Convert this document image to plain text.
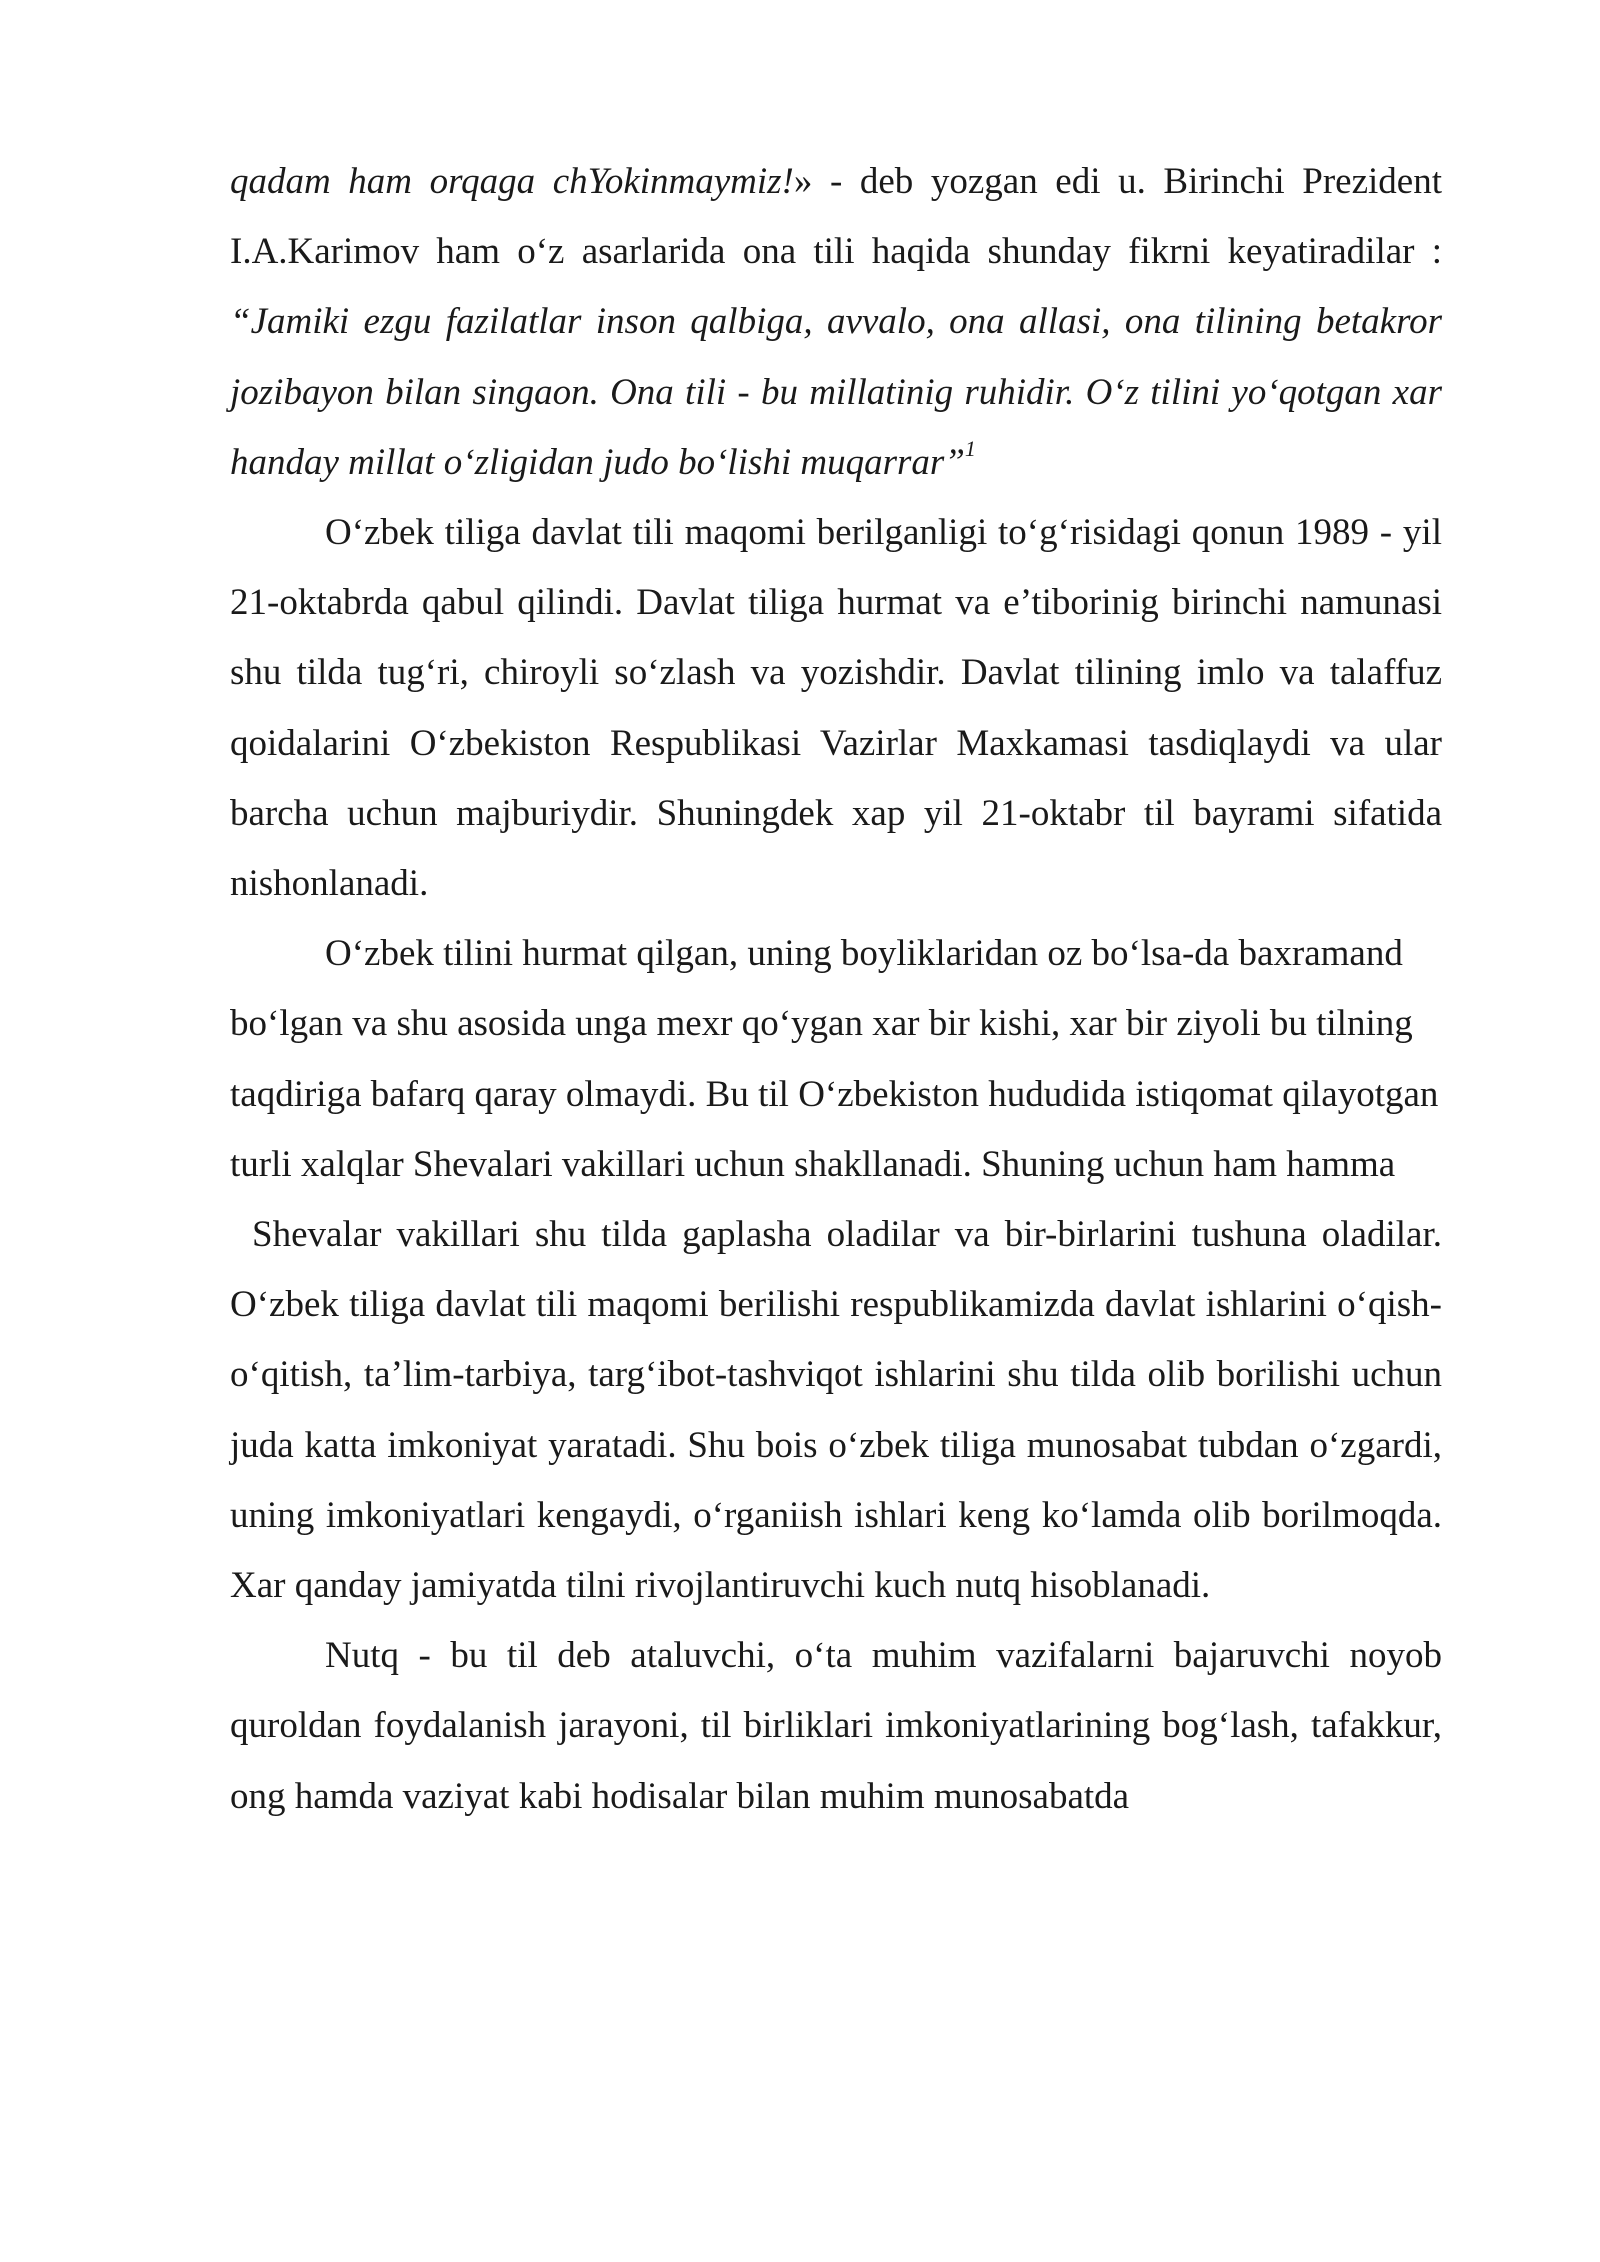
qadam ham orqaga chYokinmaymiz!» - deb yozgan edi u. Birinchi Prezident I.A.Karimov ham o‘z asarlarida ona tili haqida shunday fikrni keyatiradilar : “Jamiki ezgu fazilatlar inson qalbiga, avvalo, ona allasi, ona tilining betakror jozibayon bilan singaon. Ona tili - bu millatinig ruhidir. O‘z tilini yo‘qotgan xar handay millat o‘zligidan judo bo‘lishi muqarrar”$^1$

O‘zbek tiliga davlat tili maqomi berilganligi to‘g‘risidagi qonun 1989 - yil 21-oktabrda qabul qilindi. Davlat tiliga hurmat va e’tiborinig birinchi namunasi shu tilda tug‘ri, chiroyli so‘zlash va yozishdir. Davlat tilining imlo va talaffuz qoidalarini O‘zbekiston Respublikasi Vazirlar Maxkamasi tasdiqlaydi va ular barcha uchun majburiydir. Shuningdek xap yil 21-oktabr til bayrami sifatida nishonlanadi.

O‘zbek tilini hurmat qilgan, uning boyliklaridan oz bo‘lsa-da baxramand bo‘lgan va shu asosida unga mexr qo‘ygan xar bir kishi, xar bir ziyoli bu tilning taqdiriga bafarq qaray olmaydi. Bu til O‘zbekiston hududida istiqomat qilayotgan turli xalqlar Shevalari vakillari uchun shakllanadi. Shuning uchun ham hamma

Shevalar vakillari shu tilda gaplasha oladilar va bir-birlarini tushuna oladilar. O‘zbek tiliga davlat tili maqomi berilishi respublikamizda davlat ishlarini o‘qish-o‘qitish, ta’lim-tarbiya, targ‘ibot-tashviqot ishlarini shu tilda olib borilishi uchun juda katta imkoniyat yaratadi. Shu bois o‘zbek tiliga munosabat tubdan o‘zgardi, uning imkoniyatlari kengaydi, o‘rganiish ishlari keng ko‘lamda olib borilmoqda. Xar qanday jamiyatda tilni rivojlantiruvchi kuch nutq hisoblanadi.

Nutq - bu til deb ataluvchi, o‘ta muhim vazifalarni bajaruvchi noyob quroldan foydalanish jarayoni, til birliklari imkoniyatlarining bog‘lash, tafakkur, ong hamda vaziyat kabi hodisalar bilan muhim munosabatda
